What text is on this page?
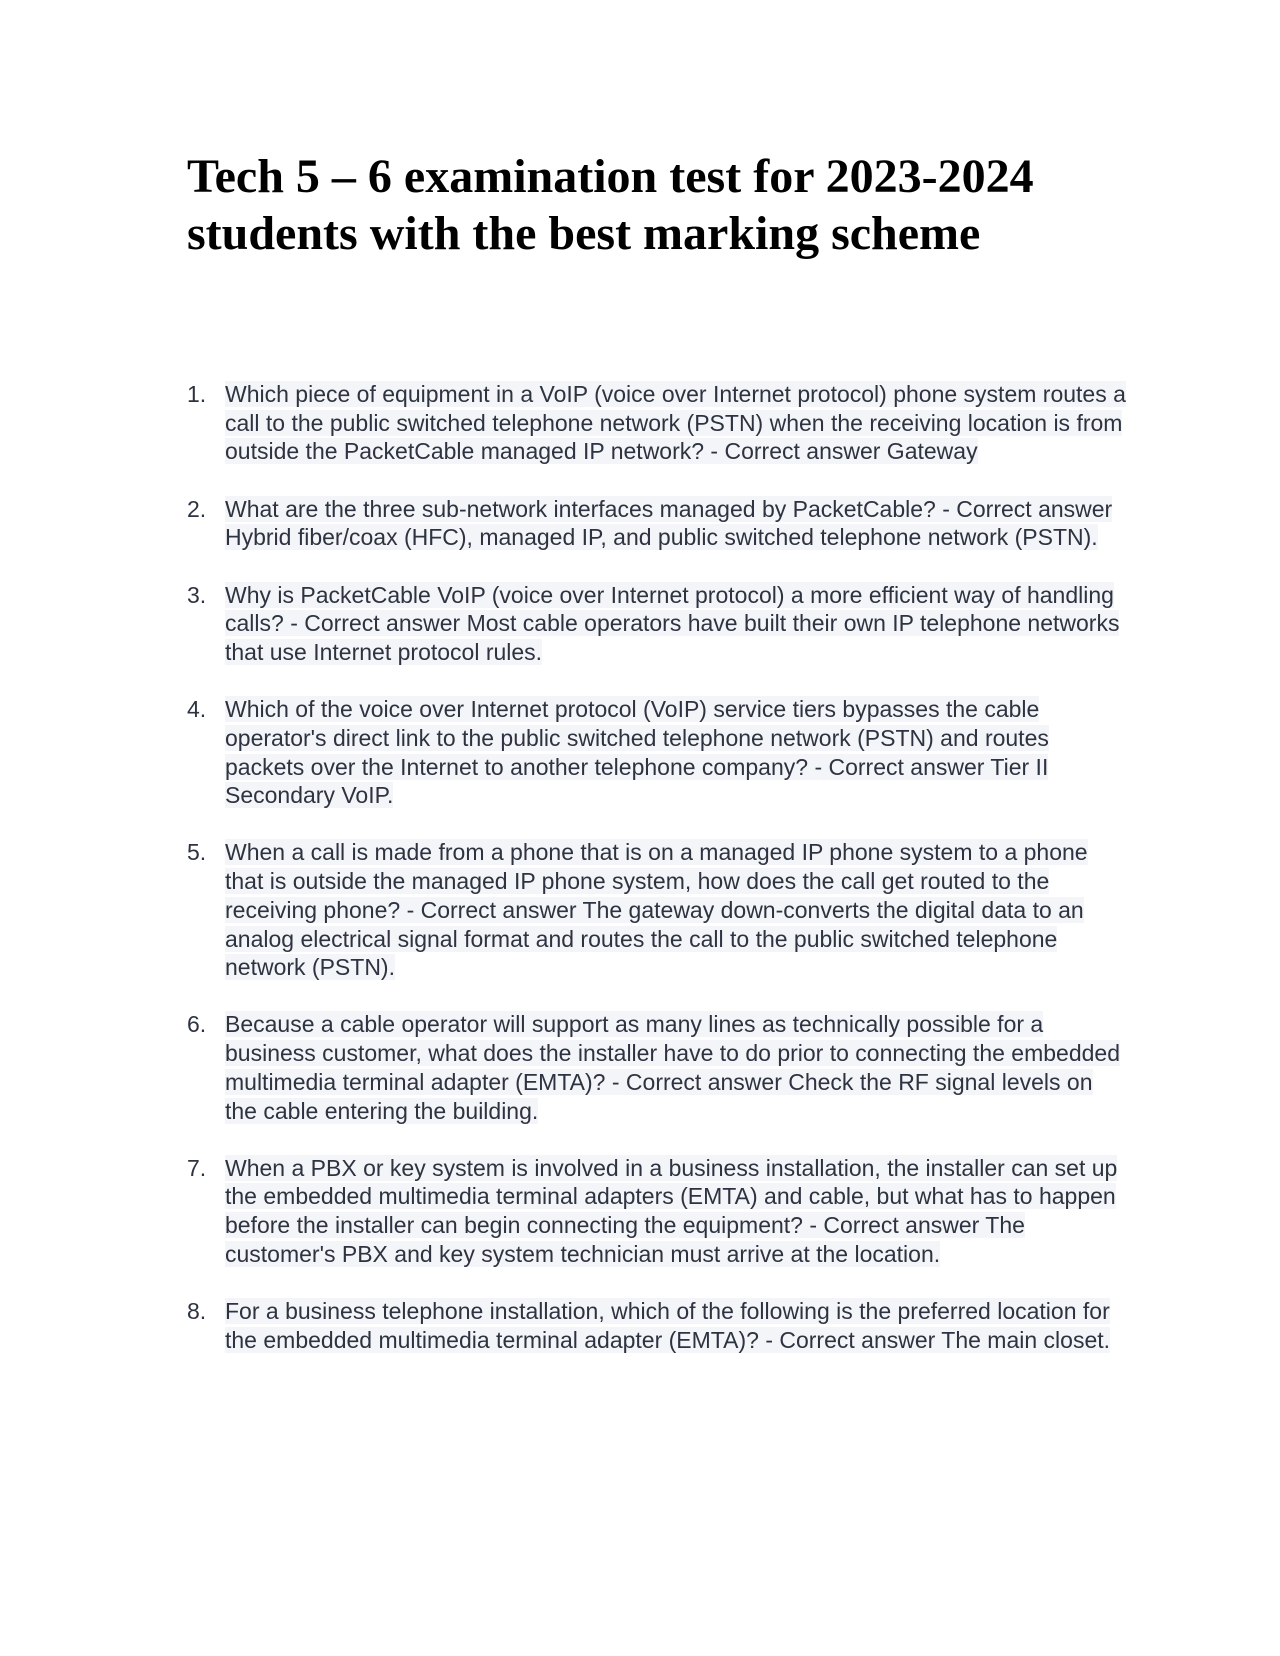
Tech 5 – 6 examination test for 2023-2024 students with the best marking scheme
1. Which piece of equipment in a VoIP (voice over Internet protocol) phone system routes a call to the public switched telephone network (PSTN) when the receiving location is from outside the PacketCable managed IP network? - Correct answer Gateway
2. What are the three sub-network interfaces managed by PacketCable? - Correct answer Hybrid fiber/coax (HFC), managed IP, and public switched telephone network (PSTN).
3. Why is PacketCable VoIP (voice over Internet protocol) a more efficient way of handling calls? - Correct answer Most cable operators have built their own IP telephone networks that use Internet protocol rules.
4. Which of the voice over Internet protocol (VoIP) service tiers bypasses the cable operator's direct link to the public switched telephone network (PSTN) and routes packets over the Internet to another telephone company? - Correct answer Tier II Secondary VoIP.
5. When a call is made from a phone that is on a managed IP phone system to a phone that is outside the managed IP phone system, how does the call get routed to the receiving phone? - Correct answer The gateway down-converts the digital data to an analog electrical signal format and routes the call to the public switched telephone network (PSTN).
6. Because a cable operator will support as many lines as technically possible for a business customer, what does the installer have to do prior to connecting the embedded multimedia terminal adapter (EMTA)? - Correct answer Check the RF signal levels on the cable entering the building.
7. When a PBX or key system is involved in a business installation, the installer can set up the embedded multimedia terminal adapters (EMTA) and cable, but what has to happen before the installer can begin connecting the equipment? - Correct answer The customer's PBX and key system technician must arrive at the location.
8. For a business telephone installation, which of the following is the preferred location for the embedded multimedia terminal adapter (EMTA)? - Correct answer The main closet.
